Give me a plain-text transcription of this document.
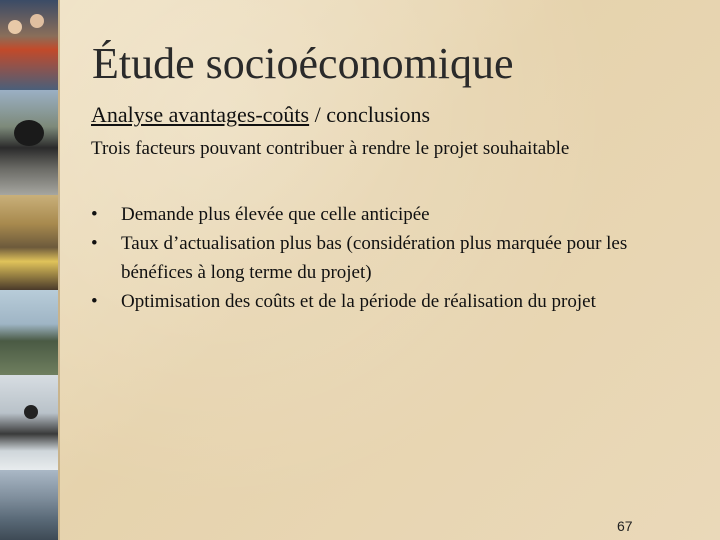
Étude socioéconomique
Analyse avantages-coûts / conclusions
Trois facteurs pouvant contribuer à rendre le projet souhaitable
•	Demande plus élevée que celle anticipée
•	Taux d’actualisation plus bas (considération plus marquée pour les bénéfices à long terme du projet)
•	Optimisation des coûts et de la période de réalisation du projet
67
